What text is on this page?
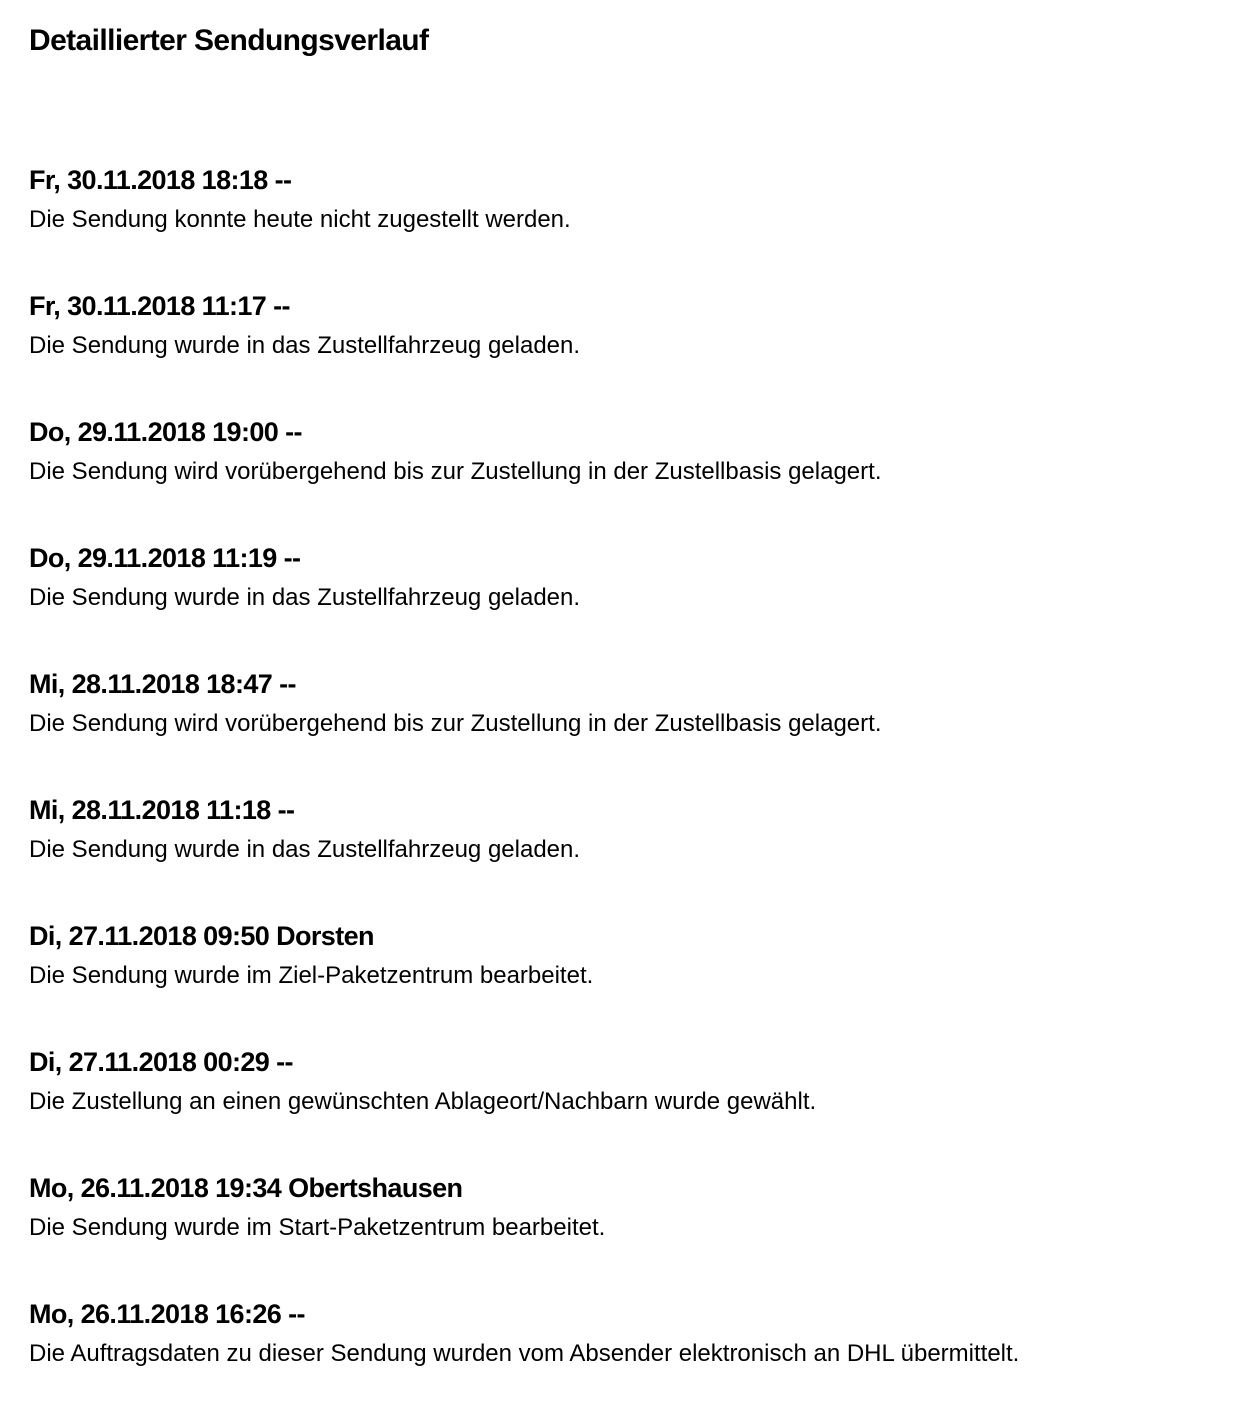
Detaillierter Sendungsverlauf
Fr, 30.11.2018 18:18 --
Die Sendung konnte heute nicht zugestellt werden.
Fr, 30.11.2018 11:17 --
Die Sendung wurde in das Zustellfahrzeug geladen.
Do, 29.11.2018 19:00 --
Die Sendung wird vorübergehend bis zur Zustellung in der Zustellbasis gelagert.
Do, 29.11.2018 11:19 --
Die Sendung wurde in das Zustellfahrzeug geladen.
Mi, 28.11.2018 18:47 --
Die Sendung wird vorübergehend bis zur Zustellung in der Zustellbasis gelagert.
Mi, 28.11.2018 11:18 --
Die Sendung wurde in das Zustellfahrzeug geladen.
Di, 27.11.2018 09:50 Dorsten
Die Sendung wurde im Ziel-Paketzentrum bearbeitet.
Di, 27.11.2018 00:29 --
Die Zustellung an einen gewünschten Ablageort/Nachbarn wurde gewählt.
Mo, 26.11.2018 19:34 Obertshausen
Die Sendung wurde im Start-Paketzentrum bearbeitet.
Mo, 26.11.2018 16:26 --
Die Auftragsdaten zu dieser Sendung wurden vom Absender elektronisch an DHL übermittelt.
